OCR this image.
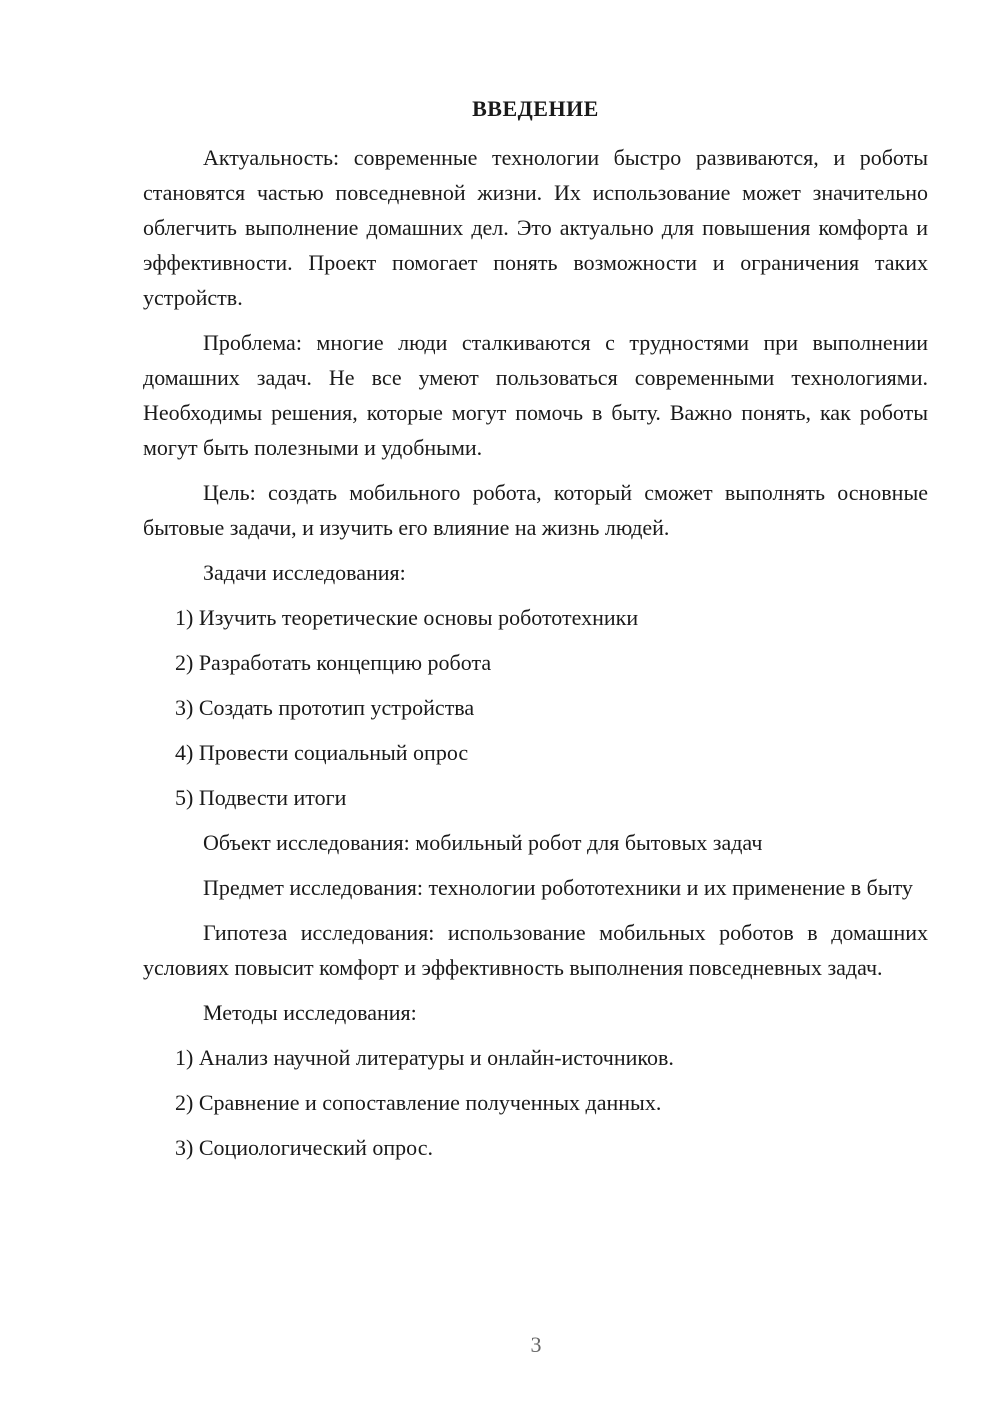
ВВЕДЕНИЕ

Актуальность: современные технологии быстро развиваются, и роботы становятся частью повседневной жизни. Их использование может значительно облегчить выполнение домашних дел. Это актуально для повышения комфорта и эффективности. Проект помогает понять возможности и ограничения таких устройств.

Проблема: многие люди сталкиваются с трудностями при выполнении домашних задач. Не все умеют пользоваться современными технологиями. Необходимы решения, которые могут помочь в быту. Важно понять, как роботы могут быть полезными и удобными.

Цель: создать мобильного робота, который сможет выполнять основные бытовые задачи, и изучить его влияние на жизнь людей.

Задачи исследования:
1) Изучить теоретические основы робототехники
2) Разработать концепцию робота
3) Создать прототип устройства
4) Провести социальный опрос
5) Подвести итоги
Объект исследования: мобильный робот для бытовых задач

Предмет исследования: технологии робототехники и их применение в быту

Гипотеза исследования: использование мобильных роботов в домашних условиях повысит комфорт и эффективность выполнения повседневных задач.

Методы исследования:
1) Анализ научной литературы и онлайн-источников.
2) Сравнение и сопоставление полученных данных.
3) Социологический опрос.
3
